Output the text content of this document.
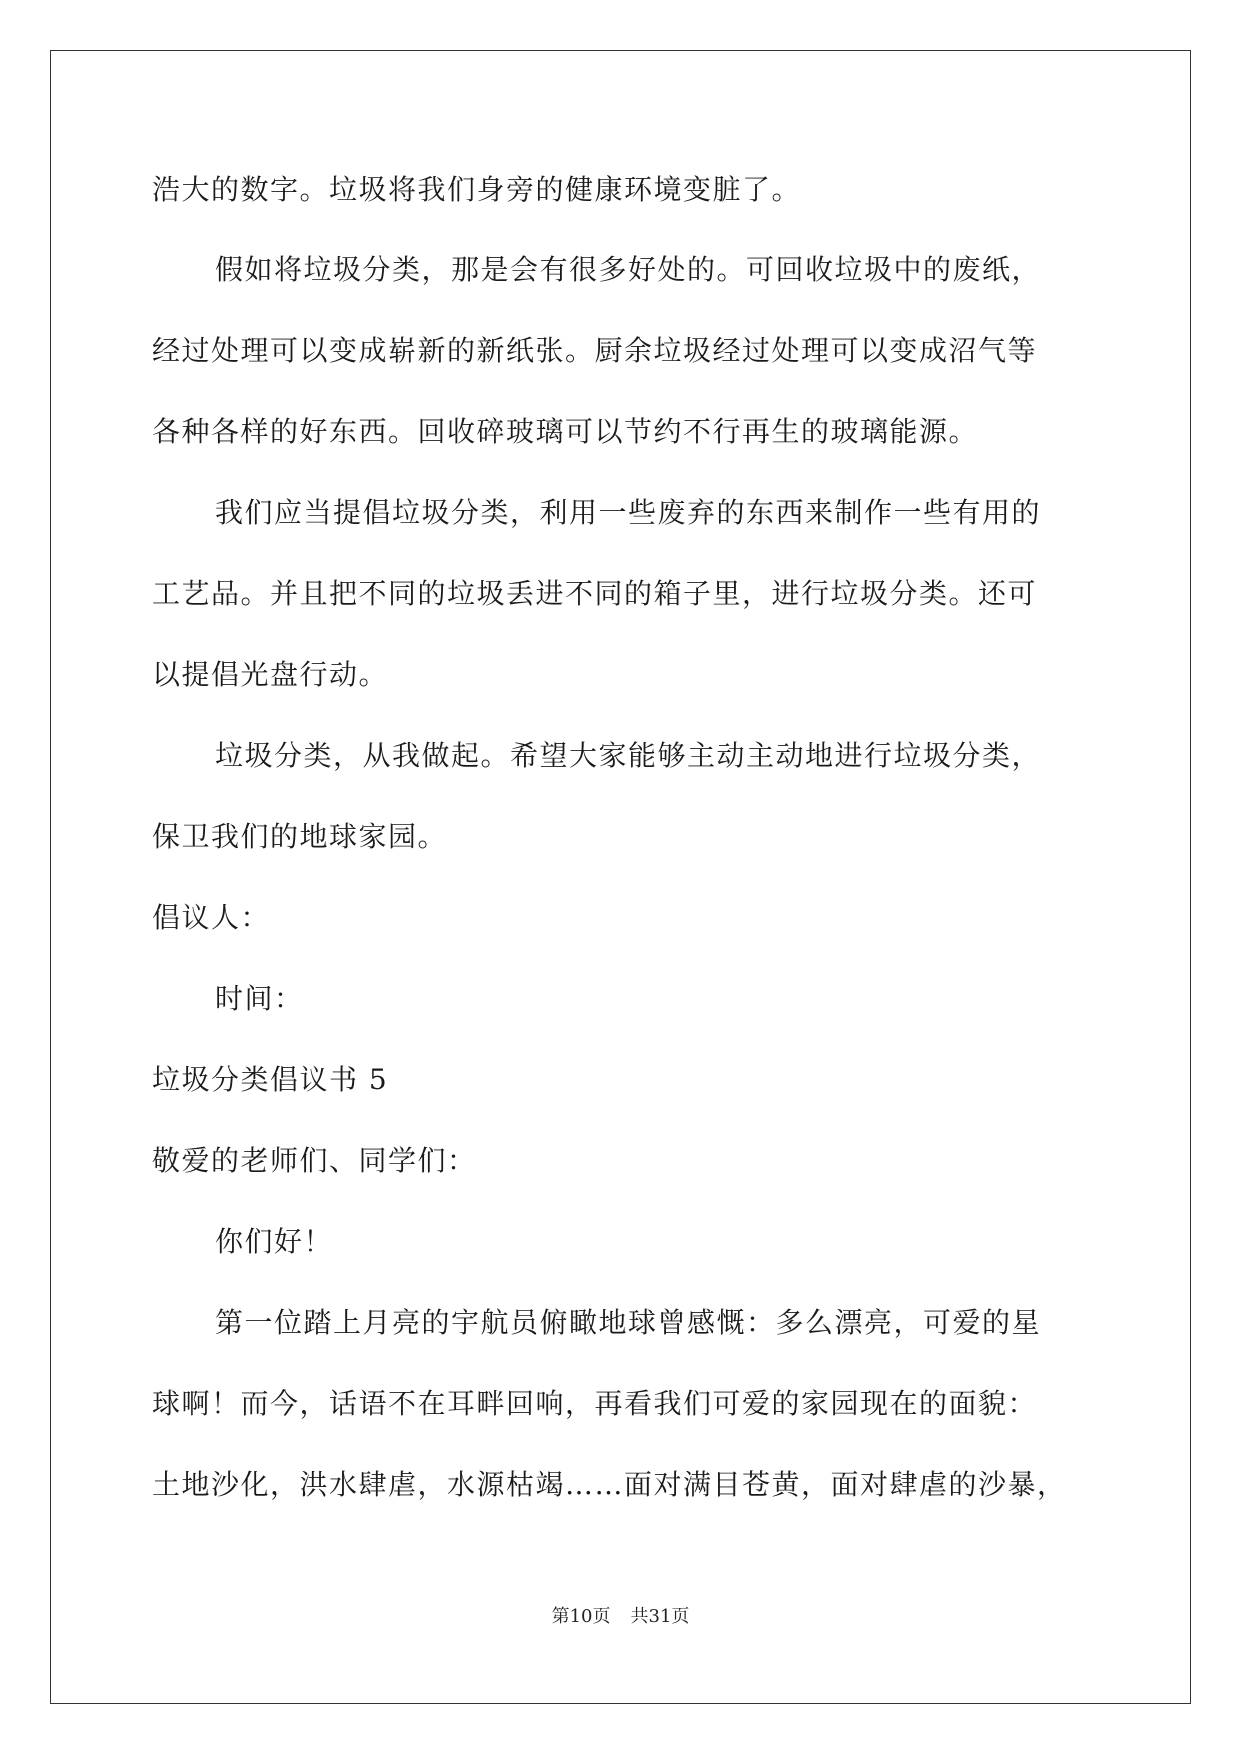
浩大的数字。垃圾将我们身旁的健康环境变脏了。
假如将垃圾分类，那是会有很多好处的。可回收垃圾中的废纸，
经过处理可以变成崭新的新纸张。厨余垃圾经过处理可以变成沼气等
各种各样的好东西。回收碎玻璃可以节约不行再生的玻璃能源。
我们应当提倡垃圾分类，利用一些废弃的东西来制作一些有用的
工艺品。并且把不同的垃圾丢进不同的箱子里，进行垃圾分类。还可
以提倡光盘行动。
垃圾分类，从我做起。希望大家能够主动主动地进行垃圾分类，
保卫我们的地球家园。
倡议人：
时间：
垃圾分类倡议书 5
敬爱的老师们、同学们：
你们好！
第一位踏上月亮的宇航员俯瞰地球曾感慨：多么漂亮，可爱的星
球啊！而今，话语不在耳畔回响，再看我们可爱的家园现在的面貌：
土地沙化，洪水肆虐，水源枯竭……面对满目苍黄，面对肆虐的沙暴，
第10页 共31页
